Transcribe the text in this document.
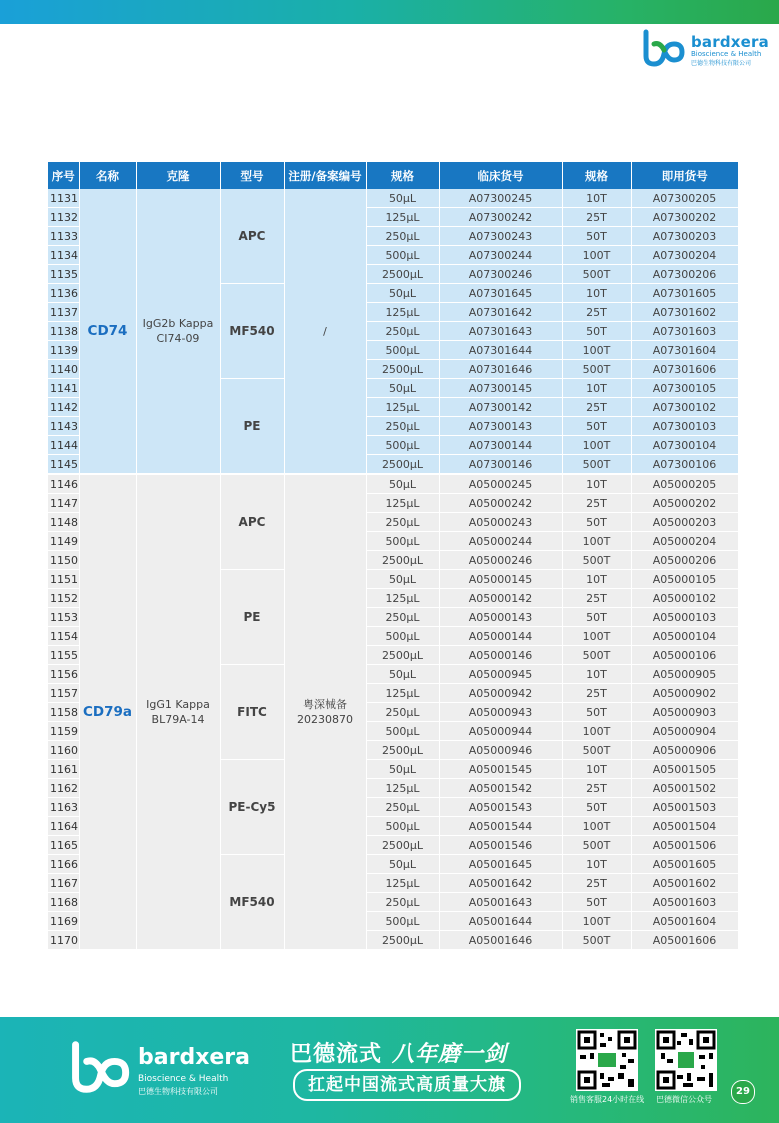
bardxera
Bioscience & Health
巴德生物科技有限公司
序号	名称	克隆	型号	注册/备案编号	规格	临床货号	规格	即用货号
1131	CD74	IgG2b Kappa CI74-09	APC	/	50μL	A07300245	10T	A07300205
1132					125μL	A07300242	25T	A07300202
1133					250μL	A07300243	50T	A07300203
1134					500μL	A07300244	100T	A07300204
1135					2500μL	A07300246	500T	A07300206
1136			MF540		50μL	A07301645	10T	A07301605
1137					125μL	A07301642	25T	A07301602
1138					250μL	A07301643	50T	A07301603
1139					500μL	A07301644	100T	A07301604
1140					2500μL	A07301646	500T	A07301606
1141			PE		50μL	A07300145	10T	A07300105
1142					125μL	A07300142	25T	A07300102
1143					250μL	A07300143	50T	A07300103
1144					500μL	A07300144	100T	A07300104
1145					2500μL	A07300146	500T	A07300106
1146	CD79a	IgG1 Kappa BL79A-14	APC	粤深械备 20230870	50μL	A05000245	10T	A05000205
1147					125μL	A05000242	25T	A05000202
1148					250μL	A05000243	50T	A05000203
1149					500μL	A05000244	100T	A05000204
1150					2500μL	A05000246	500T	A05000206
1151			PE		50μL	A05000145	10T	A05000105
1152					125μL	A05000142	25T	A05000102
1153					250μL	A05000143	50T	A05000103
1154					500μL	A05000144	100T	A05000104
1155					2500μL	A05000146	500T	A05000106
1156			FITC		50μL	A05000945	10T	A05000905
1157					125μL	A05000942	25T	A05000902
1158					250μL	A05000943	50T	A05000903
1159					500μL	A05000944	100T	A05000904
1160					2500μL	A05000946	500T	A05000906
1161			PE-Cy5		50μL	A05001545	10T	A05001505
1162					125μL	A05001542	25T	A05001502
1163					250μL	A05001543	50T	A05001503
1164					500μL	A05001544	100T	A05001504
1165					2500μL	A05001546	500T	A05001506
1166			MF540		50μL	A05001645	10T	A05001605
1167					125μL	A05001642	25T	A05001602
1168					250μL	A05001643	50T	A05001603
1169					500μL	A05001644	100T	A05001604
1170					2500μL	A05001646	500T	A05001606
bardxera
Bioscience & Health
巴德生物科技有限公司
巴德流式 八年磨一剑
扛起中国流式高质量大旗
销售客服24小时在线 巴德微信公众号
29
